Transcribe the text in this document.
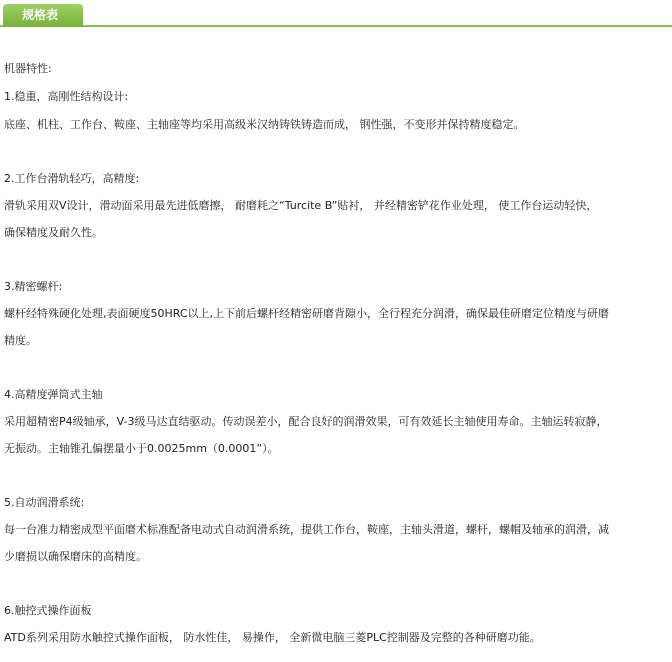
规格表

机器特性:

1.稳重，高刚性结构设计:

底座、机柱、工作台、鞍座、主轴座等均采用高级米汉纳铸铁铸造而成， 钢性强，不变形并保持精度稳定。

2.工作台滑轨轻巧，高精度:

滑轨采用双V设计，滑动面采用最先进低磨擦， 耐磨耗之“Turcite B”贴衬， 并经精密铲花作业处理， 使工作台运动轻快，

确保精度及耐久性。

3.精密螺杆:

螺杆经特殊硬化处理,表面硬度50HRC以上,上下前后螺杆经精密研磨背隙小，全行程充分润滑，确保最佳研磨定位精度与研磨

精度。

4.高精度弹筒式主轴

采用超精密P4级轴承，V-3级马达直结驱动。传动误差小，配合良好的润滑效果，可有效延长主轴使用寿命。主轴运转寂静，

无振动。主轴锥孔偏摆量小于0.0025mm（0.0001”）。

5.自动润滑系统:

每一台准力精密成型平面磨术标准配备电动式自动润滑系统，提供工作台，鞍座，主轴头滑道，螺杆，螺帽及轴承的润滑，减

少磨损以确保磨床的高精度。

6.触控式操作面板

ATD系列采用防水触控式操作面板， 防水性佳， 易操作， 全新微电脑三菱PLC控制器及完整的各种研磨功能。
